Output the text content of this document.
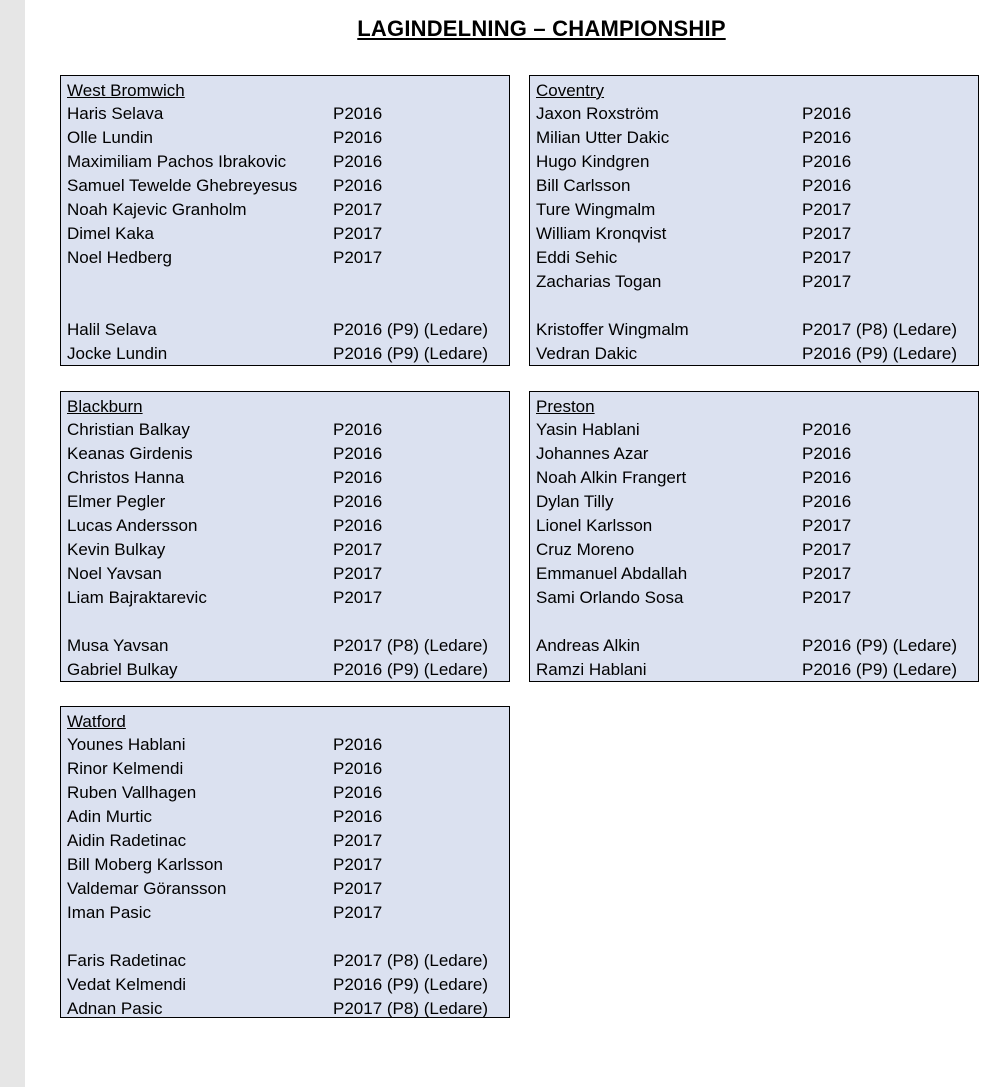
LAGINDELNING – CHAMPIONSHIP
West Bromwich
Haris Selava	P2016
Olle Lundin	P2016
Maximiliam Pachos Ibrakovic	P2016
Samuel Tewelde Ghebreyesus	P2016
Noah Kajevic Granholm	P2017
Dimel Kaka	P2017
Noel Hedberg	P2017
Halil Selava	P2016 (P9) (Ledare)
Jocke Lundin	P2016 (P9) (Ledare)
Coventry
Jaxon Roxström	P2016
Milian Utter Dakic	P2016
Hugo Kindgren	P2016
Bill Carlsson	P2016
Ture Wingmalm	P2017
William Kronqvist	P2017
Eddi Sehic	P2017
Zacharias Togan	P2017
Kristoffer Wingmalm	P2017 (P8) (Ledare)
Vedran Dakic	P2016 (P9) (Ledare)
Blackburn
Christian Balkay	P2016
Keanas Girdenis	P2016
Christos Hanna	P2016
Elmer Pegler	P2016
Lucas Andersson	P2016
Kevin Bulkay	P2017
Noel Yavsan	P2017
Liam Bajraktarevic	P2017
Musa Yavsan	P2017 (P8) (Ledare)
Gabriel Bulkay	P2016 (P9) (Ledare)
Preston
Yasin Hablani	P2016
Johannes Azar	P2016
Noah Alkin Frangert	P2016
Dylan Tilly	P2016
Lionel Karlsson	P2017
Cruz Moreno	P2017
Emmanuel Abdallah	P2017
Sami Orlando Sosa	P2017
Andreas Alkin	P2016 (P9) (Ledare)
Ramzi Hablani	P2016 (P9) (Ledare)
Watford
Younes Hablani	P2016
Rinor Kelmendi	P2016
Ruben Vallhagen	P2016
Adin Murtic	P2016
Aidin Radetinac	P2017
Bill Moberg Karlsson	P2017
Valdemar Göransson	P2017
Iman Pasic	P2017
Faris Radetinac	P2017 (P8) (Ledare)
Vedat Kelmendi	P2016 (P9) (Ledare)
Adnan Pasic	P2017 (P8) (Ledare)
